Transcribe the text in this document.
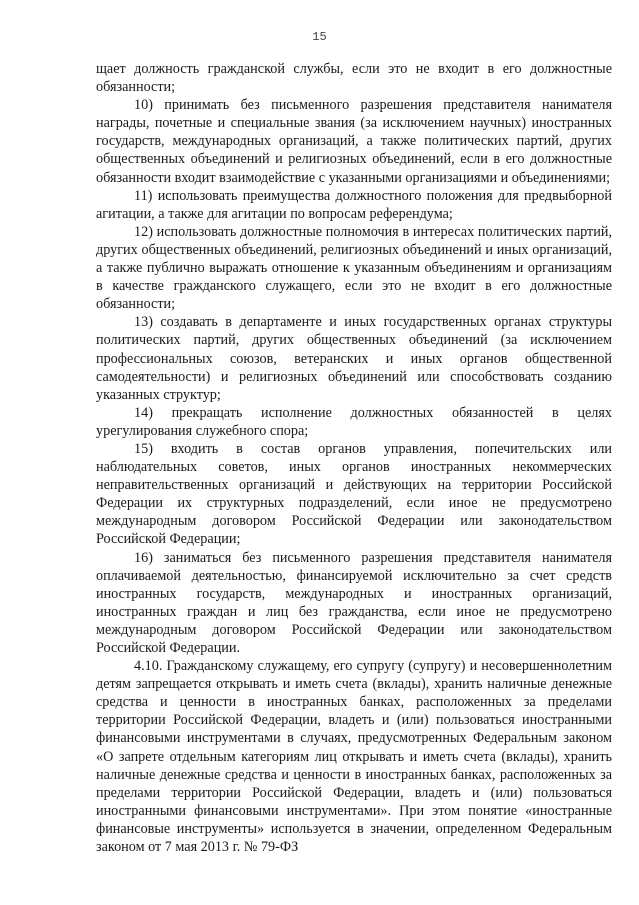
15

щает должность гражданской службы, если это не входит в его должностные обязанности;

10) принимать без письменного разрешения представителя нанимателя награды, почетные и специальные звания (за исключением научных) иностранных государств, международных организаций, а также политических партий, других общественных объединений и религиозных объединений, если в его должностные обязанности входит взаимодействие с указанными организациями и объединениями;

11) использовать преимущества должностного положения для предвыборной агитации, а также для агитации по вопросам референдума;

12) использовать должностные полномочия в интересах политических партий, других общественных объединений, религиозных объединений и иных организаций, а также публично выражать отношение к указанным объединениям и организациям в качестве гражданского служащего, если это не входит в его должностные обязанности;

13) создавать в департаменте и иных государственных органах структуры политических партий, других общественных объединений (за исключением профессиональных союзов, ветеранских и иных органов общественной самодеятельности) и религиозных объединений или способствовать созданию указанных структур;

14) прекращать исполнение должностных обязанностей в целях урегулирования служебного спора;

15) входить в состав органов управления, попечительских или наблюдательных советов, иных органов иностранных некоммерческих неправительственных организаций и действующих на территории Российской Федерации их структурных подразделений, если иное не предусмотрено международным договором Российской Федерации или законодательством Российской Федерации;

16) заниматься без письменного разрешения представителя нанимателя оплачиваемой деятельностью, финансируемой исключительно за счет средств иностранных государств, международных и иностранных организаций, иностранных граждан и лиц без гражданства, если иное не предусмотрено международным договором Российской Федерации или законодательством Российской Федерации.

4.10. Гражданскому служащему, его супругу (супругу) и несовершеннолетним детям запрещается открывать и иметь счета (вклады), хранить наличные денежные средства и ценности в иностранных банках, расположенных за пределами территории Российской Федерации, владеть и (или) пользоваться иностранными финансовыми инструментами в случаях, предусмотренных Федеральным законом «О запрете отдельным категориям лиц открывать и иметь счета (вклады), хранить наличные денежные средства и ценности в иностранных банках, расположенных за пределами территории Российской Федерации, владеть и (или) пользоваться иностранными финансовыми инструментами». При этом понятие «иностранные финансовые инструменты» используется в значении, определенном Федеральным законом от 7 мая 2013 г. № 79-ФЗ
